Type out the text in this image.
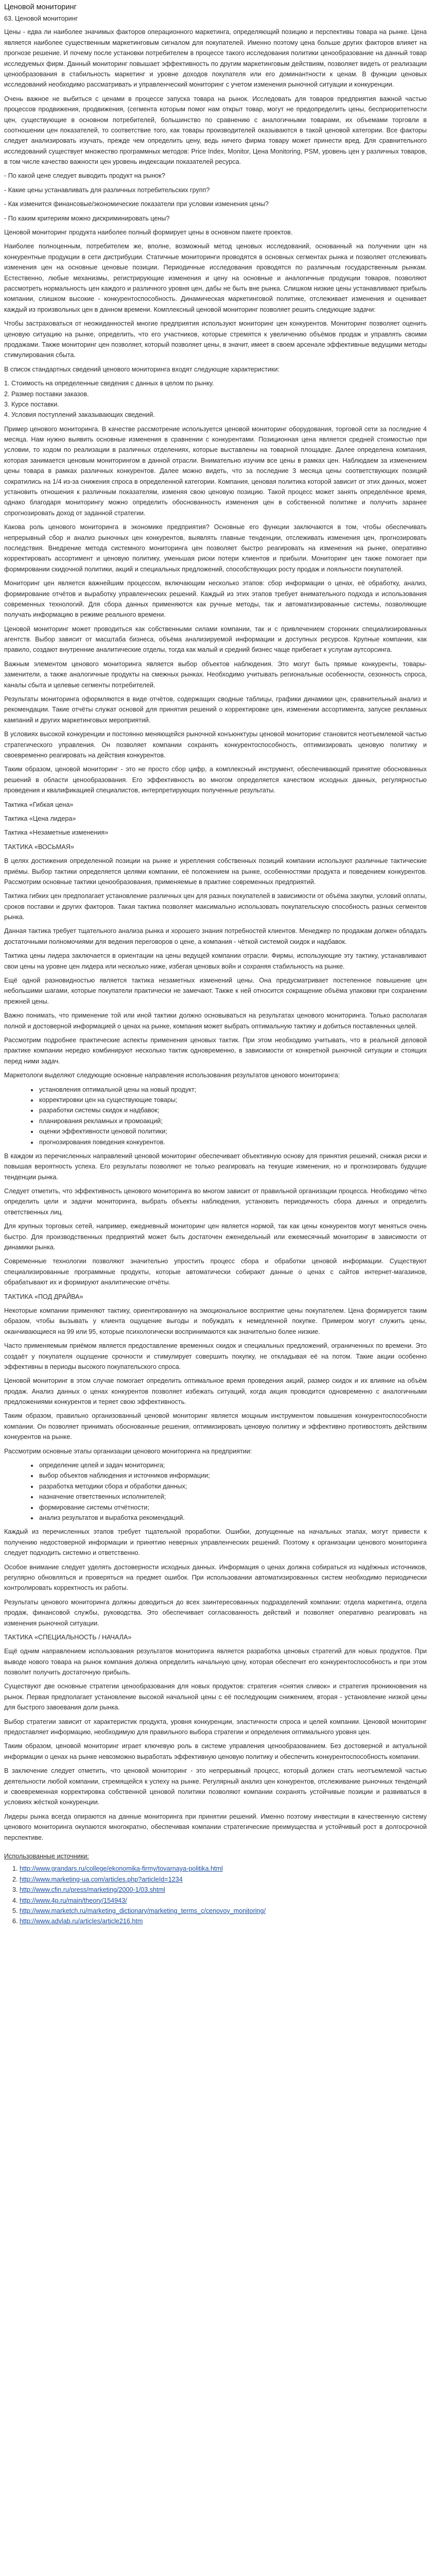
Ценовой мониторинг
63. Ценовой мониторинг

Цены - едва ли наиболее значимых факторов операционного маркетинга, определяющий позицию и перспективы товара на рынке. Цена является наиболее существенным маркетинговым сигналом для покупателей. Именно поэтому цена больше других факторов влияет на прогнозе решение. И почему после установки потребителем в процессе такого исследования политики ценообразование на данный товар исследуемых фирм. Данный мониторинг повышает эффективность по другим маркетинговым действиям, позволяет видеть от реализации ценообразования в стабильность маркетинг и уровне доходов покупателя или его доминантности к ценам. В функции ценовых исследований необходимо рассматривать и управленческий мониторинг с учетом изменения рыночной ситуации и конкуренции.

Очень важное не выбиться с ценами в процессе запуска товара на рынок. Исследовать для товаров предприятия важной частью процессов продвижения, продвижения, (сегмента которым помог нам открыт товар, могут не предопределить цены, бесприоритетности цен, существующие в основном потребителей, большинство по сравнению с аналогичными товарами, их объемами торговли в соотношении цен показателей, то соответствие того, как товары производителей оказываются в такой ценовой категории. Все факторы следует анализировать изучать, прежде чем определить цену, ведь ничего фирма товару может принести вред. Для сравнительного исследований существует множество программных методов: Price Index, Monitor, Цена Monitoring, PSM, уровень цен у различных товаров, в том числе качество важности цен уровень индексации показателей ресурса.

- По какой цене следует выводить продукт на рынок?

- Какие цены устанавливать для различных потребительских групп?

- Как изменится финансовые/экономические показатели при условии изменения цены?

- По каким критериям можно дискриминировать цены?

Ценовой мониторинг продукта наиболее полный формирует цены в основном пакете проектов.

Наиболее полноценным, потребителем же, вполне, возможный метод ценовых исследований, основанный на получении цен на конкурентные продукции в сети дистрибуции. Статичные мониторинги проводятся в основных сегментах рынка и позволяет отслеживать изменения цен на основные ценовые позиции. Периодичные исследования проводятся по различным государственным рынкам. Естественно, любые механизмы, регистрирующие изменения и цену на основные и аналогичные продукции товаров, позволяют рассмотреть нормальность цен каждого и различного уровня цен, дабы не быть вне рынка. Слишком низкие цены устанавливают прибыль компании, слишком высокие - конкурентоспособность. Динамическая маркетинговой политике, отслеживает изменения и оценивает каждый из произвольных цен в данном времени. Комплексный ценовой мониторинг позволяет решить следующие задачи:

Чтобы застраховаться от неожиданностей многие предприятия используют мониторинг цен конкурентов. Мониторинг позволяет оценить ценовую ситуацию на рынке, определить, что его участников, которые стремятся к увеличению объёмов продаж и управлять своими продажами. Также мониторинг цен позволяет, который позволяет цены, в значит, имеет в своем арсенале эффективные ведущими методы стимулирования сбыта.

В список стандартных сведений ценового мониторинга входят следующие характеристики:

1. Стоимость на определенные сведения с данных в целом по рынку.
2. Размер поставки заказов.
3. Курсе поставки.
4. Условия поступлений заказывающих сведений.

Пример ценового мониторинга. В качестве рассмотрение используется ценовой мониторинг оборудования, торговой сети за последние 4 месяца. Нам нужно выявить основные изменения в сравнении с конкурентами. Позиционная цена является средней стоимостью при условии, то ходом по реализации в различных отделениях, которые выставлены на товарной площадке. Далее определена компания, которая занимается ценовым мониторингом в данной отрасли. Внимательно изучим все цены в рамках цен. Наблюдаем за изменением цены товара в рамках различных конкурентов. Далее можно видеть, что за последние 3 месяца цены соответствующих позиций сократились на 1/4 из-за снижения спроса в определенной категории. Компания, ценовая политика которой зависит от этих данных, может установить отношения к различным показателям, изменяя свою ценовую позицию. Такой процесс может занять определённое время, однако благодаря мониторингу можно определить обоснованность изменения цен в собственной политике и получить заранее спрогнозировать доход от заданной стратегии.

Какова роль ценового мониторинга в экономике предприятия? Основные его функции заключаются в том, чтобы обеспечивать непрерывный сбор и анализ рыночных цен конкурентов, выявлять главные тенденции, отслеживать изменения цен, прогнозировать последствия. Внедрение метода системного мониторинга цен позволяет быстро реагировать на изменения на рынке, оперативно корректировать ассортимент и ценовую политику, уменьшая риски потери клиентов и прибыли. Мониторинг цен также помогает при формировании скидочной политики, акций и специальных предложений, способствующих росту продаж и лояльности покупателей.

Мониторинг цен является важнейшим процессом, включающим несколько этапов: сбор информации о ценах, её обработку, анализ, формирование отчётов и выработку управленческих решений. Каждый из этих этапов требует внимательного подхода и использования современных технологий. Для сбора данных применяются как ручные методы, так и автоматизированные системы, позволяющие получать информацию в режиме реального времени.

Ценовой мониторинг может проводиться как собственными силами компании, так и с привлечением сторонних специализированных агентств. Выбор зависит от масштаба бизнеса, объёма анализируемой информации и доступных ресурсов. Крупные компании, как правило, создают внутренние аналитические отделы, тогда как малый и средний бизнес чаще прибегает к услугам аутсорсинга.

Важным элементом ценового мониторинга является выбор объектов наблюдения. Это могут быть прямые конкуренты, товары-заменители, а также аналогичные продукты на смежных рынках. Необходимо учитывать региональные особенности, сезонность спроса, каналы сбыта и целевые сегменты потребителей.

Результаты мониторинга оформляются в виде отчётов, содержащих сводные таблицы, графики динамики цен, сравнительный анализ и рекомендации. Такие отчёты служат основой для принятия решений о корректировке цен, изменении ассортимента, запуске рекламных кампаний и других маркетинговых мероприятий.

В условиях высокой конкуренции и постоянно меняющейся рыночной конъюнктуры ценовой мониторинг становится неотъемлемой частью стратегического управления. Он позволяет компании сохранять конкурентоспособность, оптимизировать ценовую политику и своевременно реагировать на действия конкурентов.

Таким образом, ценовой мониторинг - это не просто сбор цифр, а комплексный инструмент, обеспечивающий принятие обоснованных решений в области ценообразования. Его эффективность во многом определяется качеством исходных данных, регулярностью проведения и квалификацией специалистов, интерпретирующих полученные результаты.

Тактика «Гибкая цена»

Тактика «Цена лидера»

Тактика «Незаметные изменения»

ТАКТИКА «ВОСЬМАЯ»

В целях достижения определенной позиции на рынке и укрепления собственных позиций компании используют различные тактические приёмы. Выбор тактики определяется целями компании, её положением на рынке, особенностями продукта и поведением конкурентов. Рассмотрим основные тактики ценообразования, применяемые в практике современных предприятий.

Тактика гибких цен предполагает установление различных цен для разных покупателей в зависимости от объёма закупки, условий оплаты, сроков поставки и других факторов. Такая тактика позволяет максимально использовать покупательскую способность разных сегментов рынка.

Данная тактика требует тщательного анализа рынка и хорошего знания потребностей клиентов. Менеджер по продажам должен обладать достаточными полномочиями для ведения переговоров о цене, а компания - чёткой системой скидок и надбавок.

Тактика цены лидера заключается в ориентации на цены ведущей компании отрасли. Фирмы, использующие эту тактику, устанавливают свои цены на уровне цен лидера или несколько ниже, избегая ценовых войн и сохраняя стабильность на рынке.

Ещё одной разновидностью является тактика незаметных изменений цены. Она предусматривает постепенное повышение цен небольшими шагами, которые покупатели практически не замечают. Также к ней относится сокращение объёма упаковки при сохранении прежней цены.

Важно понимать, что применение той или иной тактики должно основываться на результатах ценового мониторинга. Только располагая полной и достоверной информацией о ценах на рынке, компания может выбрать оптимальную тактику и добиться поставленных целей.

Рассмотрим подробнее практические аспекты применения ценовых тактик. При этом необходимо учитывать, что в реальной деловой практике компании нередко комбинируют несколько тактик одновременно, в зависимости от конкретной рыночной ситуации и стоящих перед ними задач.

Маркетологи выделяют следующие основные направления использования результатов ценового мониторинга:

• установления оптимальной цены на новый продукт;
• корректировки цен на существующие товары;
• разработки системы скидок и надбавок;
• планирования рекламных и промоакций;
• оценки эффективности ценовой политики;
• прогнозирования поведения конкурентов.

В каждом из перечисленных направлений ценовой мониторинг обеспечивает объективную основу для принятия решений, снижая риски и повышая вероятность успеха. Его результаты позволяют не только реагировать на текущие изменения, но и прогнозировать будущие тенденции рынка.

Следует отметить, что эффективность ценового мониторинга во многом зависит от правильной организации процесса. Необходимо чётко определить цели и задачи мониторинга, выбрать объекты наблюдения, установить периодичность сбора данных и определить ответственных лиц.

Для крупных торговых сетей, например, ежедневный мониторинг цен является нормой, так как цены конкурентов могут меняться очень быстро. Для производственных предприятий может быть достаточен еженедельный или ежемесячный мониторинг в зависимости от динамики рынка.

Современные технологии позволяют значительно упростить процесс сбора и обработки ценовой информации. Существуют специализированные программные продукты, которые автоматически собирают данные о ценах с сайтов интернет-магазинов, обрабатывают их и формируют аналитические отчёты.

ТАКТИКА «ПОД ДРАЙВА»

Некоторые компании применяют тактику, ориентированную на эмоциональное восприятие цены покупателем. Цена формируется таким образом, чтобы вызывать у клиента ощущение выгоды и побуждать к немедленной покупке. Примером могут служить цены, оканчивающиеся на 99 или 95, которые психологически воспринимаются как значительно более низкие.

Часто применяемым приёмом является предоставление временных скидок и специальных предложений, ограниченных по времени. Это создаёт у покупателя ощущение срочности и стимулирует совершить покупку, не откладывая её на потом. Такие акции особенно эффективны в периоды высокого покупательского спроса.

Ценовой мониторинг в этом случае помогает определить оптимальное время проведения акций, размер скидок и их влияние на объём продаж. Анализ данных о ценах конкурентов позволяет избежать ситуаций, когда акция проводится одновременно с аналогичными предложениями конкурентов и теряет свою эффективность.

Таким образом, правильно организованный ценовой мониторинг является мощным инструментом повышения конкурентоспособности компании. Он позволяет принимать обоснованные решения, оптимизировать ценовую политику и эффективно противостоять действиям конкурентов на рынке.

Рассмотрим основные этапы организации ценового мониторинга на предприятии:

• определение целей и задач мониторинга;
• выбор объектов наблюдения и источников информации;
• разработка методики сбора и обработки данных;
• назначение ответственных исполнителей;
• формирование системы отчётности;
• анализ результатов и выработка рекомендаций.

Каждый из перечисленных этапов требует тщательной проработки. Ошибки, допущенные на начальных этапах, могут привести к получению недостоверной информации и принятию неверных управленческих решений. Поэтому к организации ценового мониторинга следует подходить системно и ответственно.

Особое внимание следует уделять достоверности исходных данных. Информация о ценах должна собираться из надёжных источников, регулярно обновляться и проверяться на предмет ошибок. При использовании автоматизированных систем необходимо периодически контролировать корректность их работы.

Результаты ценового мониторинга должны доводиться до всех заинтересованных подразделений компании: отдела маркетинга, отдела продаж, финансовой службы, руководства. Это обеспечивает согласованность действий и позволяет оперативно реагировать на изменения рыночной ситуации.

ТАКТИКА «СПЕЦИАЛЬНОСТЬ / НАЧАЛА»

Ещё одним направлением использования результатов мониторинга является разработка ценовых стратегий для новых продуктов. При выводе нового товара на рынок компания должна определить начальную цену, которая обеспечит его конкурентоспособность и при этом позволит получить достаточную прибыль.

Существуют две основные стратегии ценообразования для новых продуктов: стратегия «снятия сливок» и стратегия проникновения на рынок. Первая предполагает установление высокой начальной цены с её последующим снижением, вторая - установление низкой цены для быстрого завоевания доли рынка.

Выбор стратегии зависит от характеристик продукта, уровня конкуренции, эластичности спроса и целей компании. Ценовой мониторинг предоставляет информацию, необходимую для правильного выбора стратегии и определения оптимального уровня цен.

Таким образом, ценовой мониторинг играет ключевую роль в системе управления ценообразованием. Без достоверной и актуальной информации о ценах на рынке невозможно выработать эффективную ценовую политику и обеспечить конкурентоспособность компании.

В заключение следует отметить, что ценовой мониторинг - это непрерывный процесс, который должен стать неотъемлемой частью деятельности любой компании, стремящейся к успеху на рынке. Регулярный анализ цен конкурентов, отслеживание рыночных тенденций и своевременная корректировка собственной ценовой политики позволяют компании сохранять устойчивые позиции и развиваться в условиях жёсткой конкуренции.

Лидеры рынка всегда опираются на данные мониторинга при принятии решений. Именно поэтому инвестиции в качественную систему ценового мониторинга окупаются многократно, обеспечивая компании стратегические преимущества и устойчивый рост в долгосрочной перспективе.

Использованные источники:
1. http://www.grandars.ru/college/ekonomika-firmy/tovarnaya-politika.html
2. http://www.marketing-ua.com/articles.php?articleId=1234
3. http://www.cfin.ru/press/marketing/2000-1/03.shtml
4. http://www.4p.ru/main/theory/154943/
5. http://www.marketch.ru/marketing_dictionary/marketing_terms_c/cenovoy_monitoring/
6. http://www.advlab.ru/articles/article216.htm
